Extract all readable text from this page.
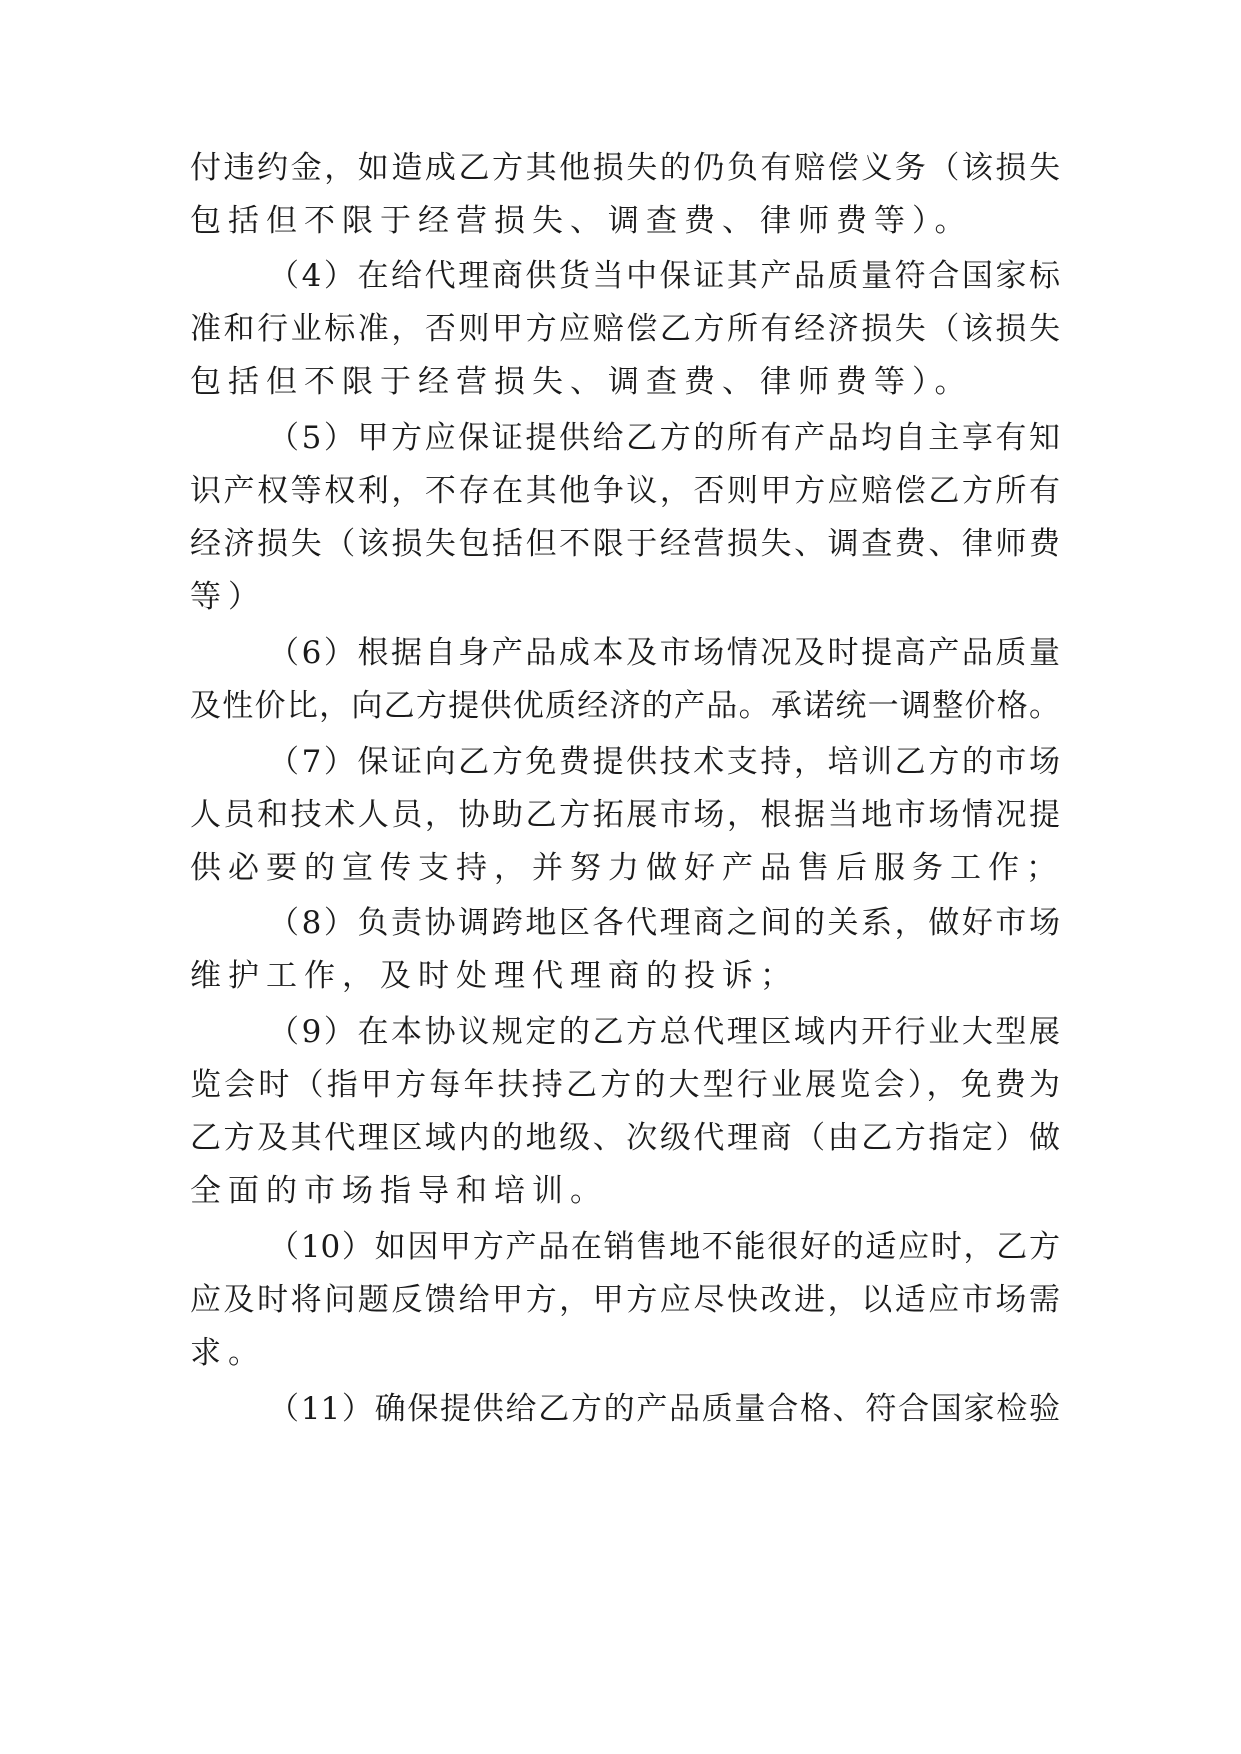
付违约金，如造成乙方其他损失的仍负有赔偿义务（该损失
包括但不限于经营损失、调查费、律师费等）。
（4）在给代理商供货当中保证其产品质量符合国家标
准和行业标准，否则甲方应赔偿乙方所有经济损失（该损失
包括但不限于经营损失、调查费、律师费等）。
（5）甲方应保证提供给乙方的所有产品均自主享有知
识产权等权利，不存在其他争议，否则甲方应赔偿乙方所有
经济损失（该损失包括但不限于经营损失、调查费、律师费
等）
（6）根据自身产品成本及市场情况及时提高产品质量
及性价比，向乙方提供优质经济的产品。承诺统一调整价格。
（7）保证向乙方免费提供技术支持，培训乙方的市场
人员和技术人员，协助乙方拓展市场，根据当地市场情况提
供必要的宣传支持，并努力做好产品售后服务工作；
（8）负责协调跨地区各代理商之间的关系，做好市场
维护工作，及时处理代理商的投诉；
（9）在本协议规定的乙方总代理区域内开行业大型展
览会时（指甲方每年扶持乙方的大型行业展览会），免费为
乙方及其代理区域内的地级、次级代理商（由乙方指定）做
全面的市场指导和培训。
（10）如因甲方产品在销售地不能很好的适应时，乙方
应及时将问题反馈给甲方，甲方应尽快改进，以适应市场需
求。
（11）确保提供给乙方的产品质量合格、符合国家检验
